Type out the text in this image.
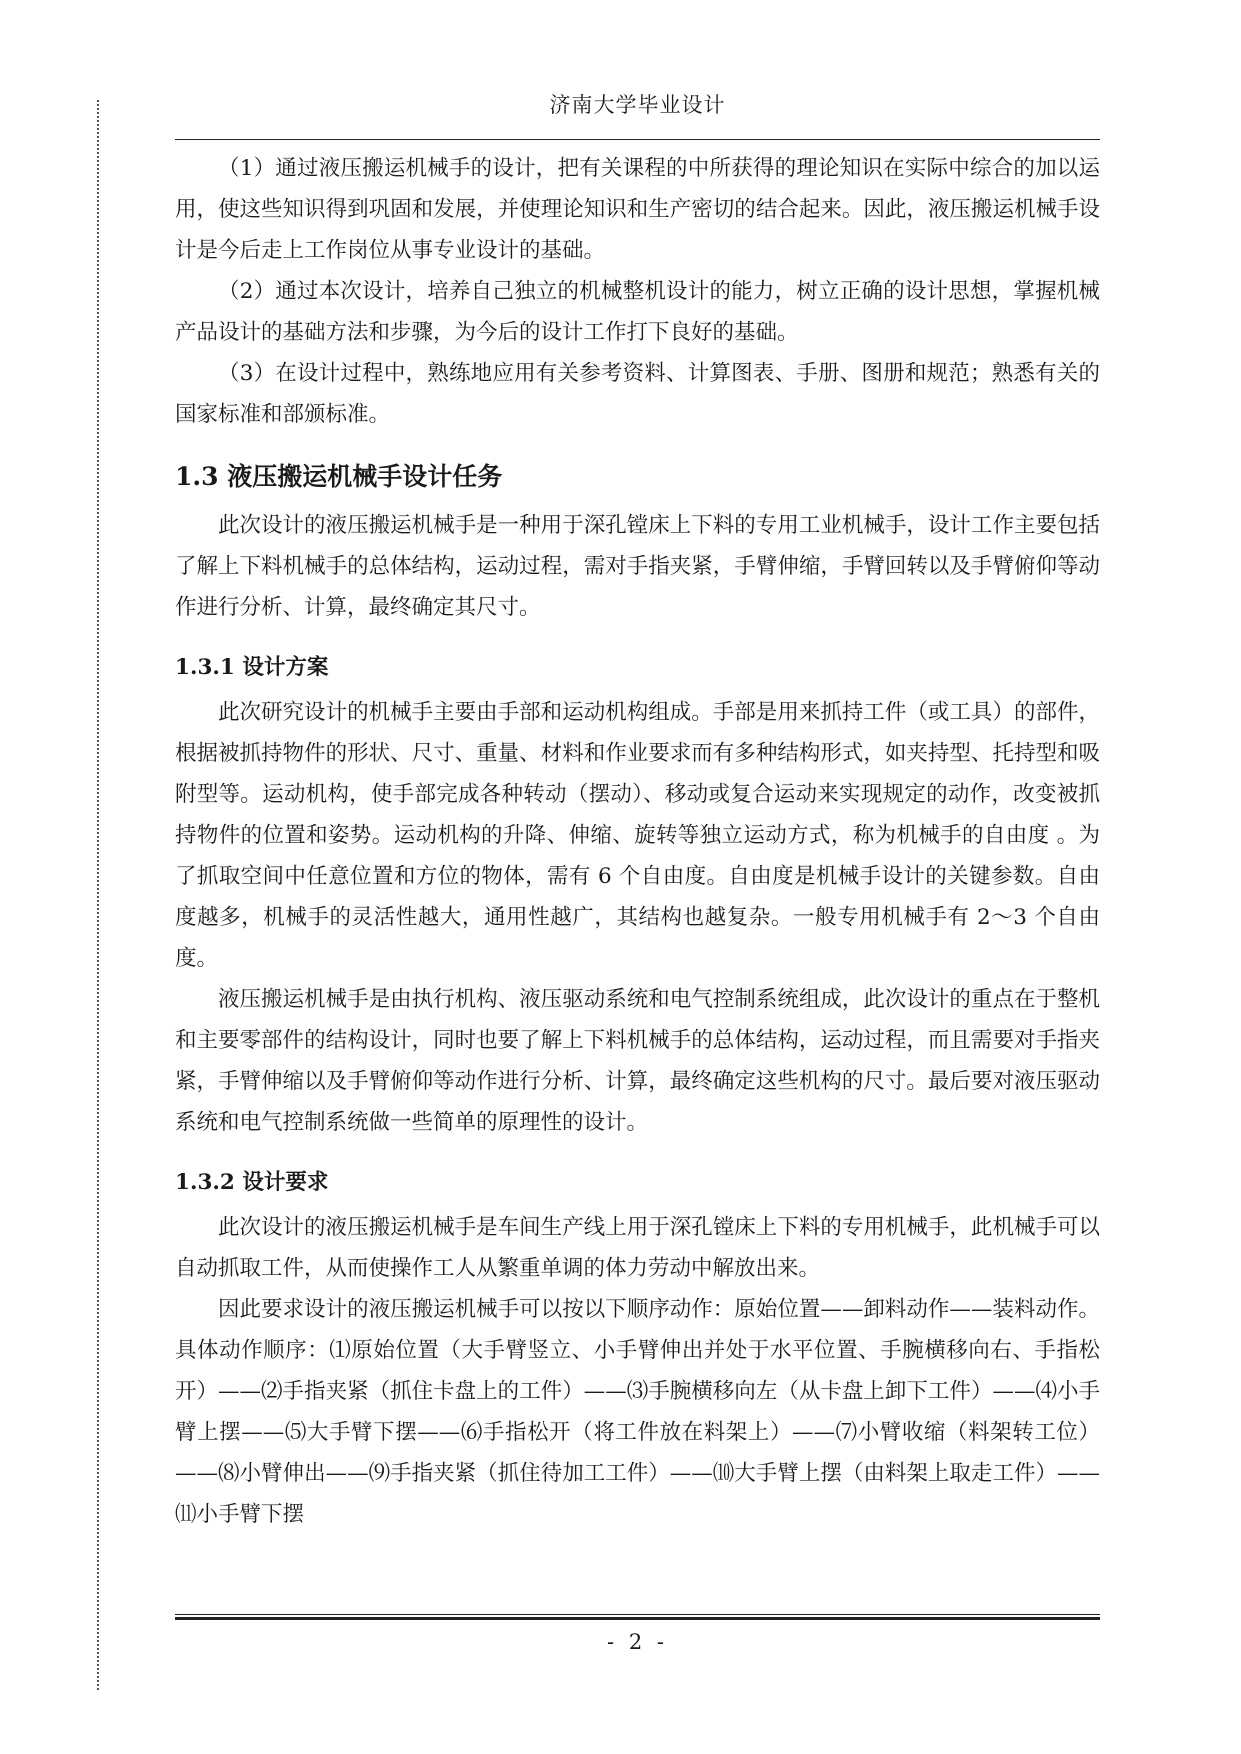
济南大学毕业设计

（1）通过液压搬运机械手的设计，把有关课程的中所获得的理论知识在实际中综合的加以运用，使这些知识得到巩固和发展，并使理论知识和生产密切的结合起来。因此，液压搬运机械手设计是今后走上工作岗位从事专业设计的基础。

（2）通过本次设计，培养自己独立的机械整机设计的能力，树立正确的设计思想，掌握机械产品设计的基础方法和步骤，为今后的设计工作打下良好的基础。

（3）在设计过程中，熟练地应用有关参考资料、计算图表、手册、图册和规范；熟悉有关的国家标准和部颁标准。

1.3 液压搬运机械手设计任务

此次设计的液压搬运机械手是一种用于深孔镗床上下料的专用工业机械手，设计工作主要包括了解上下料机械手的总体结构，运动过程，需对手指夹紧，手臂伸缩，手臂回转以及手臂俯仰等动作进行分析、计算，最终确定其尺寸。

1.3.1 设计方案

此次研究设计的机械手主要由手部和运动机构组成。手部是用来抓持工件（或工具）的部件，根据被抓持物件的形状、尺寸、重量、材料和作业要求而有多种结构形式，如夹持型、托持型和吸附型等。运动机构，使手部完成各种转动（摆动）、移动或复合运动来实现规定的动作，改变被抓持物件的位置和姿势。运动机构的升降、伸缩、旋转等独立运动方式，称为机械手的自由度 。为了抓取空间中任意位置和方位的物体，需有 6 个自由度。自由度是机械手设计的关键参数。自由度越多，机械手的灵活性越大，通用性越广，其结构也越复杂。一般专用机械手有 2～3 个自由度。

液压搬运机械手是由执行机构、液压驱动系统和电气控制系统组成，此次设计的重点在于整机和主要零部件的结构设计，同时也要了解上下料机械手的总体结构，运动过程，而且需要对手指夹紧，手臂伸缩以及手臂俯仰等动作进行分析、计算，最终确定这些机构的尺寸。最后要对液压驱动系统和电气控制系统做一些简单的原理性的设计。

1.3.2 设计要求

此次设计的液压搬运机械手是车间生产线上用于深孔镗床上下料的专用机械手，此机械手可以自动抓取工件，从而使操作工人从繁重单调的体力劳动中解放出来。

因此要求设计的液压搬运机械手可以按以下顺序动作：原始位置——卸料动作——装料动作。具体动作顺序：⑴原始位置（大手臂竖立、小手臂伸出并处于水平位置、手腕横移向右、手指松开）——⑵手指夹紧（抓住卡盘上的工件）——⑶手腕横移向左（从卡盘上卸下工件）——⑷小手臂上摆——⑸大手臂下摆——⑹手指松开（将工件放在料架上）——⑺小臂收缩（料架转工位）——⑻小臂伸出——⑼手指夹紧（抓住待加工工件）——⑽大手臂上摆（由料架上取走工件）——⑾小手臂下摆

- 2 -
